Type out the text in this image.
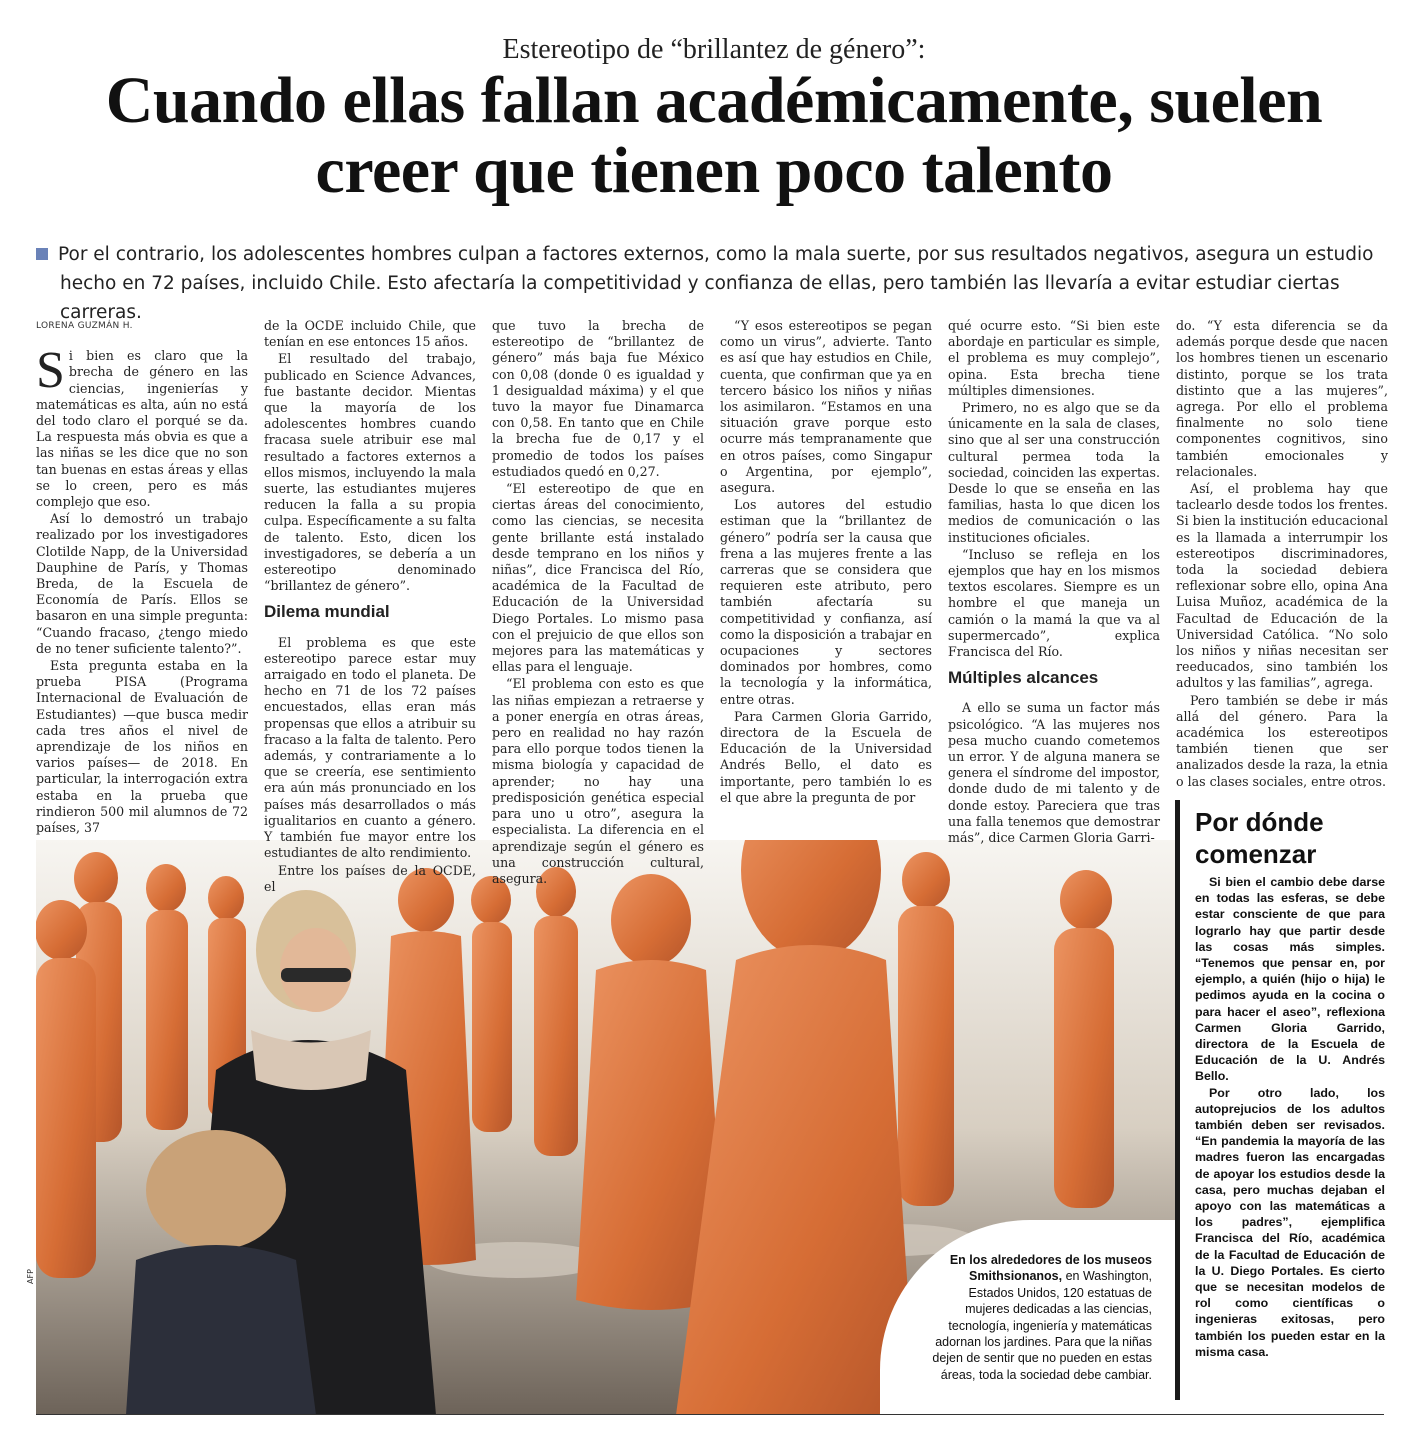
Estereotipo de “brillantez de género”:
Cuando ellas fallan académicamente, suelen creer que tienen poco talento
Por el contrario, los adolescentes hombres culpan a factores externos, como la mala suerte, por sus resultados negativos, asegura un estudio
hecho en 72 países, incluido Chile. Esto afectaría la competitividad y confianza de ellas, pero también las llevaría a evitar estudiar ciertas carreras.
AFP
En los alrededores de los museos Smithsionanos, en Washington, Estados Unidos, 120 estatuas de mujeres dedicadas a las ciencias, tecnología, ingeniería y matemáticas adornan los jardines. Para que la niñas dejen de sentir que no pueden en estas áreas, toda la sociedad debe cambiar.
LORENA GUZMÁN H.

Si bien es claro que la brecha de género en las ciencias, ingenierías y matemáticas es alta, aún no está del todo claro el porqué se da. La respuesta más obvia es que a las niñas se les dice que no son tan buenas en estas áreas y ellas se lo creen, pero es más complejo que eso.

Así lo demostró un trabajo realizado por los investigadores Clotilde Napp, de la Universidad Dauphine de París, y Thomas Breda, de la Escuela de Economía de París. Ellos se basaron en una simple pregunta: “Cuando fracaso, ¿tengo miedo de no tener suficiente talento?”.

Esta pregunta estaba en la prueba PISA (Programa Internacional de Evaluación de Estudiantes) —que busca medir cada tres años el nivel de aprendizaje de los niños en varios países— de 2018. En particular, la interrogación extra estaba en la prueba que rindieron 500 mil alumnos de 72 países, 37

de la OCDE incluido Chile, que tenían en ese entonces 15 años.

El resultado del trabajo, publicado en Science Advances, fue bastante decidor. Mientas que la mayoría de los adolescentes hombres cuando fracasa suele atribuir ese mal resultado a factores externos a ellos mismos, incluyendo la mala suerte, las estudiantes mujeres reducen la falla a su propia culpa. Específicamente a su falta de talento. Esto, dicen los investigadores, se debería a un estereotipo denominado “brillantez de género”.

Dilema mundial

El problema es que este estereotipo parece estar muy arraigado en todo el planeta. De hecho en 71 de los 72 países encuestados, ellas eran más propensas que ellos a atribuir su fracaso a la falta de talento. Pero además, y contrariamente a lo que se creería, ese sentimiento era aún más pronunciado en los países más desarrollados o más igualitarios en cuanto a género. Y también fue mayor entre los estudiantes de alto rendimiento.

Entre los países de la OCDE, el

que tuvo la brecha de estereotipo de “brillantez de género” más baja fue México con 0,08 (donde 0 es igualdad y 1 desigualdad máxima) y el que tuvo la mayor fue Dinamarca con 0,58. En tanto que en Chile la brecha fue de 0,17 y el promedio de todos los países estudiados quedó en 0,27.

“El estereotipo de que en ciertas áreas del conocimiento, como las ciencias, se necesita gente brillante está instalado desde temprano en los niños y niñas”, dice Francisca del Río, académica de la Facultad de Educación de la Universidad Diego Portales. Lo mismo pasa con el prejuicio de que ellos son mejores para las matemáticas y ellas para el lenguaje.

“El problema con esto es que las niñas empiezan a retraerse y a poner energía en otras áreas, pero en realidad no hay razón para ello porque todos tienen la misma biología y capacidad de aprender; no hay una predisposición genética especial para uno u otro”, asegura la especialista. La diferencia en el aprendizaje según el género es una construcción cultural, asegura.

“Y esos estereotipos se pegan como un virus”, advierte. Tanto es así que hay estudios en Chile, cuenta, que confirman que ya en tercero básico los niños y niñas los asimilaron. “Estamos en una situación grave porque esto ocurre más tempranamente que en otros países, como Singapur o Argentina, por ejemplo”, asegura.

Los autores del estudio estiman que la “brillantez de género” podría ser la causa que frena a las mujeres frente a las carreras que se considera que requieren este atributo, pero también afectaría su competitividad y confianza, así como la disposición a trabajar en ocupaciones y sectores dominados por hombres, como la tecnología y la informática, entre otras.

Para Carmen Gloria Garrido, directora de la Escuela de Educación de la Universidad Andrés Bello, el dato es importante, pero también lo es el que abre la pregunta de por

qué ocurre esto. “Si bien este abordaje en particular es simple, el problema es muy complejo”, opina. Esta brecha tiene múltiples dimensiones.

Primero, no es algo que se da únicamente en la sala de clases, sino que al ser una construcción cultural permea toda la sociedad, coinciden las expertas. Desde lo que se enseña en las familias, hasta lo que dicen los medios de comunicación o las instituciones oficiales.

“Incluso se refleja en los ejemplos que hay en los mismos textos escolares. Siempre es un hombre el que maneja un camión o la mamá la que va al supermercado”, explica Francisca del Río.

Múltiples alcances

A ello se suma un factor más psicológico. “A las mujeres nos pesa mucho cuando cometemos un error. Y de alguna manera se genera el síndrome del impostor, donde dudo de mi talento y de donde estoy. Pareciera que tras una falla tenemos que demostrar más”, dice Carmen Gloria Garri-

do. “Y esta diferencia se da además porque desde que nacen los hombres tienen un escenario distinto, porque se los trata distinto que a las mujeres”, agrega. Por ello el problema finalmente no solo tiene componentes cognitivos, sino también emocionales y relacionales.

Así, el problema hay que taclearlo desde todos los frentes. Si bien la institución educacional es la llamada a interrumpir los estereotipos discriminadores, toda la sociedad debiera reflexionar sobre ello, opina Ana Luisa Muñoz, académica de la Facultad de Educación de la Universidad Católica. “No solo los niños y niñas necesitan ser reeducados, sino también los adultos y las familias”, agrega.

Pero también se debe ir más allá del género. Para la académica los estereotipos también tienen que ser analizados desde la raza, la etnia o las clases sociales, entre otros.

Por dónde comenzar

Si bien el cambio debe darse en todas las esferas, se debe estar consciente de que para lograrlo hay que partir desde las cosas más simples. “Tenemos que pensar en, por ejemplo, a quién (hijo o hija) le pedimos ayuda en la cocina o para hacer el aseo”, reflexiona Carmen Gloria Garrido, directora de la Escuela de Educación de la U. Andrés Bello.

Por otro lado, los autoprejucios de los adultos también deben ser revisados. “En pandemia la mayoría de las madres fueron las encargadas de apoyar los estudios desde la casa, pero muchas dejaban el apoyo con las matemáticas a los padres”, ejemplifica Francisca del Río, académica de la Facultad de Educación de la U. Diego Portales. Es cierto que se necesitan modelos de rol como científicas o ingenieras exitosas, pero también los pueden estar en la misma casa.
